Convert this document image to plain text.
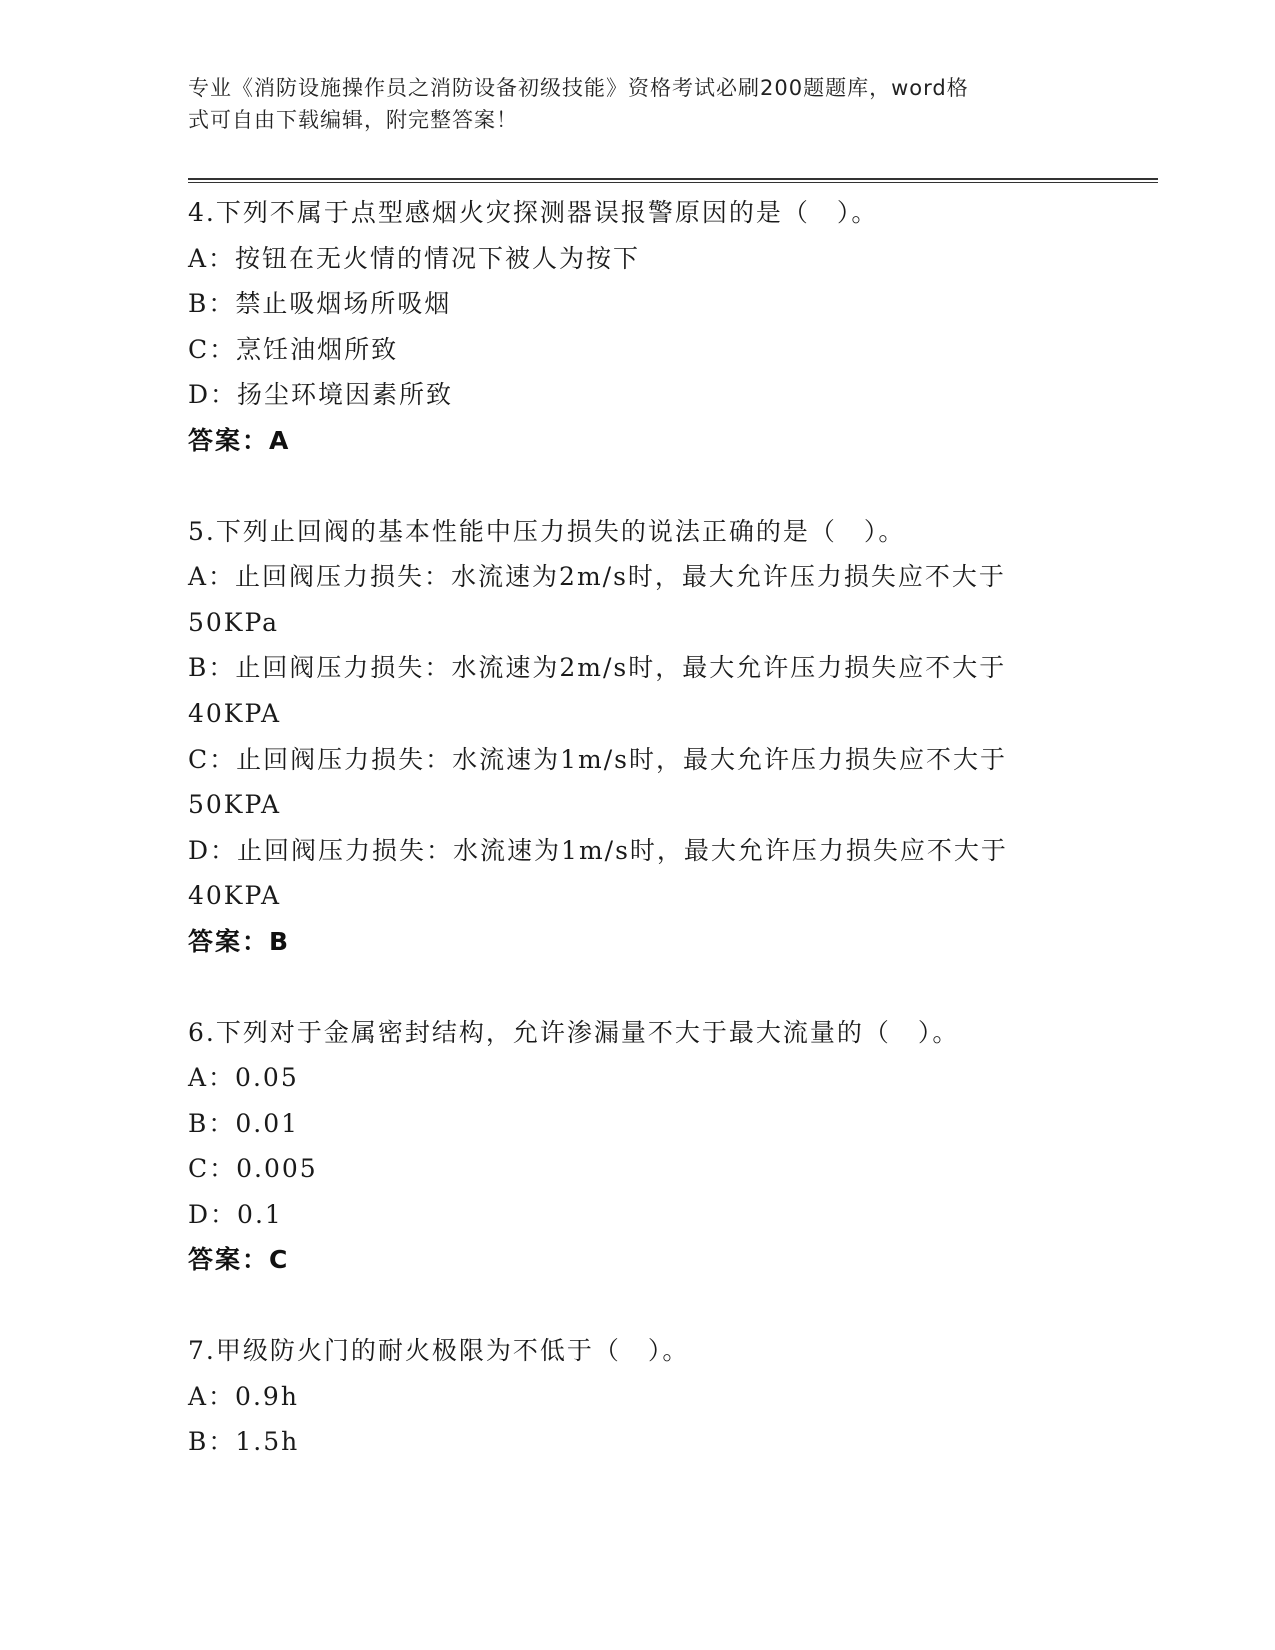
专业《消防设施操作员之消防设备初级技能》资格考试必刷200题题库，word格
式可自由下载编辑，附完整答案！
4.下列不属于点型感烟火灾探测器误报警原因的是（　）。
A：按钮在无火情的情况下被人为按下
B：禁止吸烟场所吸烟
C：烹饪油烟所致
D：扬尘环境因素所致
答案：A
5.下列止回阀的基本性能中压力损失的说法正确的是（　）。
A：止回阀压力损失：水流速为2m/s时，最大允许压力损失应不大于50KPa
B：止回阀压力损失：水流速为2m/s时，最大允许压力损失应不大于40KPA
C：止回阀压力损失：水流速为1m/s时，最大允许压力损失应不大于50KPA
D：止回阀压力损失：水流速为1m/s时，最大允许压力损失应不大于40KPA
答案：B
6.下列对于金属密封结构，允许渗漏量不大于最大流量的（　）。
A：0.05
B：0.01
C：0.005
D：0.1
答案：C
7.甲级防火门的耐火极限为不低于（　）。
A：0.9h
B：1.5h
